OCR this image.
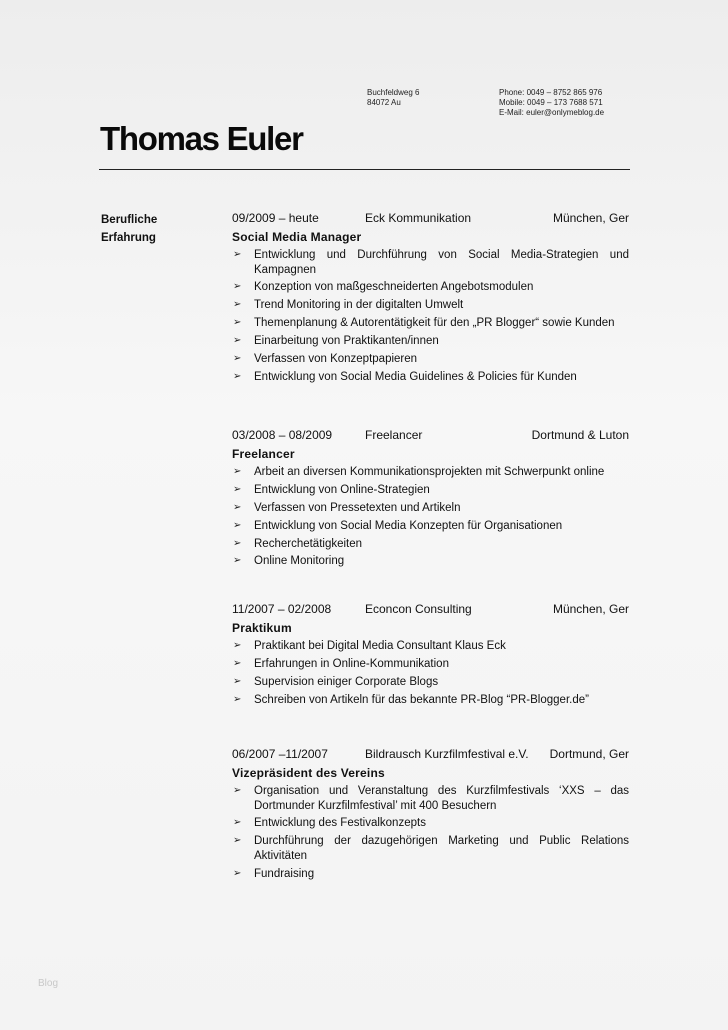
Buchfeldweg 6
84072 Au
Phone: 0049 – 8752 865 976
Mobile: 0049 – 173 7688 571
E-Mail: euler@onlymeblog.de
Thomas Euler
Berufliche
Erfahrung
09/2009 – heute	Eck Kommunikation	München, Ger
Social Media Manager
➢ Entwicklung und Durchführung von Social Media-Strategien und Kampagnen
➢ Konzeption von maßgeschneiderten Angebotsmodulen
➢ Trend Monitoring in der digitalten Umwelt
➢ Themenplanung & Autorentätigkeit für den „PR Blogger“ sowie Kunden
➢ Einarbeitung von Praktikanten/innen
➢ Verfassen von Konzeptpapieren
➢ Entwicklung von Social Media Guidelines & Policies für Kunden
03/2008 – 08/2009	Freelancer	Dortmund & Luton
Freelancer
➢ Arbeit an diversen Kommunikationsprojekten mit Schwerpunkt online
➢ Entwicklung von Online-Strategien
➢ Verfassen von Pressetexten und Artikeln
➢ Entwicklung von Social Media Konzepten für Organisationen
➢ Recherchetätigkeiten
➢ Online Monitoring
11/2007 – 02/2008	Econcon Consulting	München, Ger
Praktikum
➢ Praktikant bei Digital Media Consultant Klaus Eck
➢ Erfahrungen in Online-Kommunikation
➢ Supervision einiger Corporate Blogs
➢ Schreiben von Artikeln für das bekannte PR-Blog “PR-Blogger.de”
06/2007 –11/2007	Bildrausch Kurzfilmfestival e.V. Dortmund, Ger
Vizepräsident des Vereins
➢ Organisation und Veranstaltung des Kurzfilmfestivals ‘XXS – das Dortmunder Kurzfilmfestival’ mit 400 Besuchern
➢ Entwicklung des Festivalkonzepts
➢ Durchführung der dazugehörigen Marketing und Public Relations Aktivitäten
➢ Fundraising
Blog
